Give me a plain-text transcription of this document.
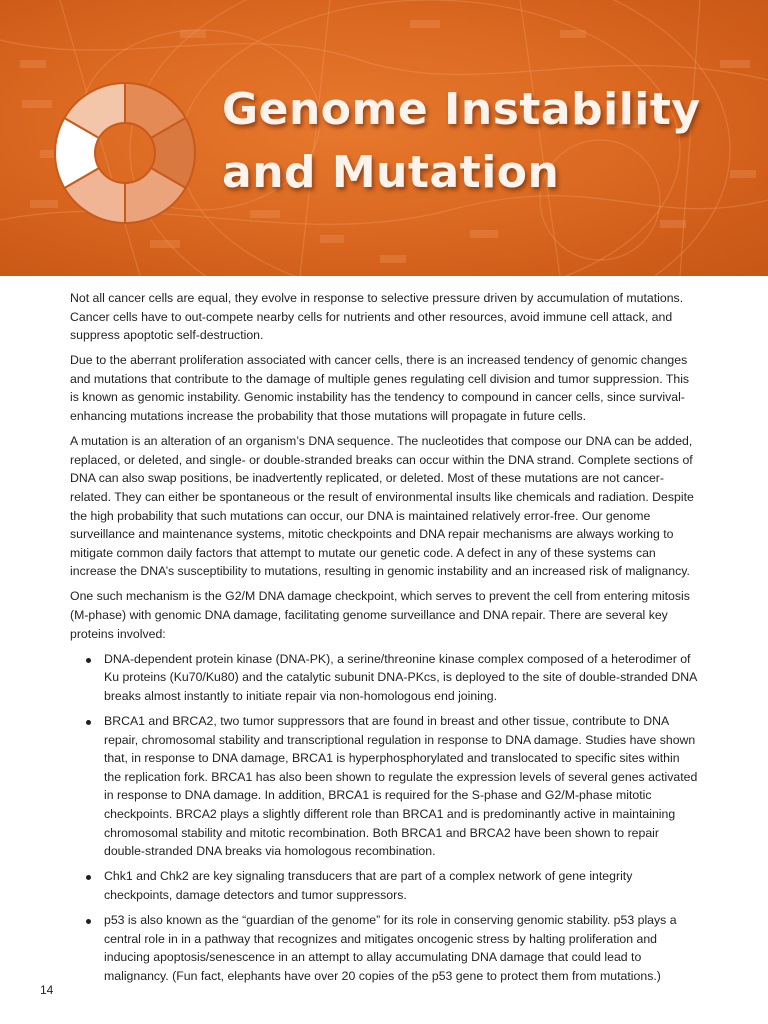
Genome Instability
and Mutation

Not all cancer cells are equal, they evolve in response to selective pressure driven by accumulation of mutations. Cancer cells have to out-compete nearby cells for nutrients and other resources, avoid immune cell attack, and suppress apoptotic self-destruction.

Due to the aberrant proliferation associated with cancer cells, there is an increased tendency of genomic changes and mutations that contribute to the damage of multiple genes regulating cell division and tumor suppression. This is known as genomic instability. Genomic instability has the tendency to compound in cancer cells, since survival-enhancing mutations increase the probability that those mutations will propagate in future cells.

A mutation is an alteration of an organism’s DNA sequence. The nucleotides that compose our DNA can be added, replaced, or deleted, and single- or double-stranded breaks can occur within the DNA strand. Complete sections of DNA can also swap positions, be inadvertently replicated, or deleted. Most of these mutations are not cancer-related. They can either be spontaneous or the result of environmental insults like chemicals and radiation. Despite the high probability that such mutations can occur, our DNA is maintained relatively error-free. Our genome surveillance and maintenance systems, mitotic checkpoints and DNA repair mechanisms are always working to mitigate common daily factors that attempt to mutate our genetic code. A defect in any of these systems can increase the DNA’s susceptibility to mutations, resulting in genomic instability and an increased risk of malignancy.

One such mechanism is the G2/M DNA damage checkpoint, which serves to prevent the cell from entering mitosis (M-phase) with genomic DNA damage, facilitating genome surveillance and DNA repair. There are several key proteins involved:

DNA-dependent protein kinase (DNA-PK), a serine/threonine kinase complex composed of a heterodimer of Ku proteins (Ku70/Ku80) and the catalytic subunit DNA-PKcs, is deployed to the site of double-stranded DNA breaks almost instantly to initiate repair via non-homologous end joining.
BRCA1 and BRCA2, two tumor suppressors that are found in breast and other tissue, contribute to DNA repair, chromosomal stability and transcriptional regulation in response to DNA damage. Studies have shown that, in response to DNA damage, BRCA1 is hyperphosphorylated and translocated to specific sites within the replication fork. BRCA1 has also been shown to regulate the expression levels of several genes activated in response to DNA damage. In addition, BRCA1 is required for the S-phase and G2/M-phase mitotic checkpoints. BRCA2 plays a slightly different role than BRCA1 and is predominantly active in maintaining chromosomal stability and mitotic recombination. Both BRCA1 and BRCA2 have been shown to repair double-stranded DNA breaks via homologous recombination.
Chk1 and Chk2 are key signaling transducers that are part of a complex network of gene integrity checkpoints, damage detectors and tumor suppressors.
p53 is also known as the “guardian of the genome” for its role in conserving genomic stability. p53 plays a central role in in a pathway that recognizes and mitigates oncogenic stress by halting proliferation and inducing apoptosis/senescence in an attempt to allay accumulating DNA damage that could lead to malignancy. (Fun fact, elephants have over 20 copies of the p53 gene to protect them from mutations.)
14
